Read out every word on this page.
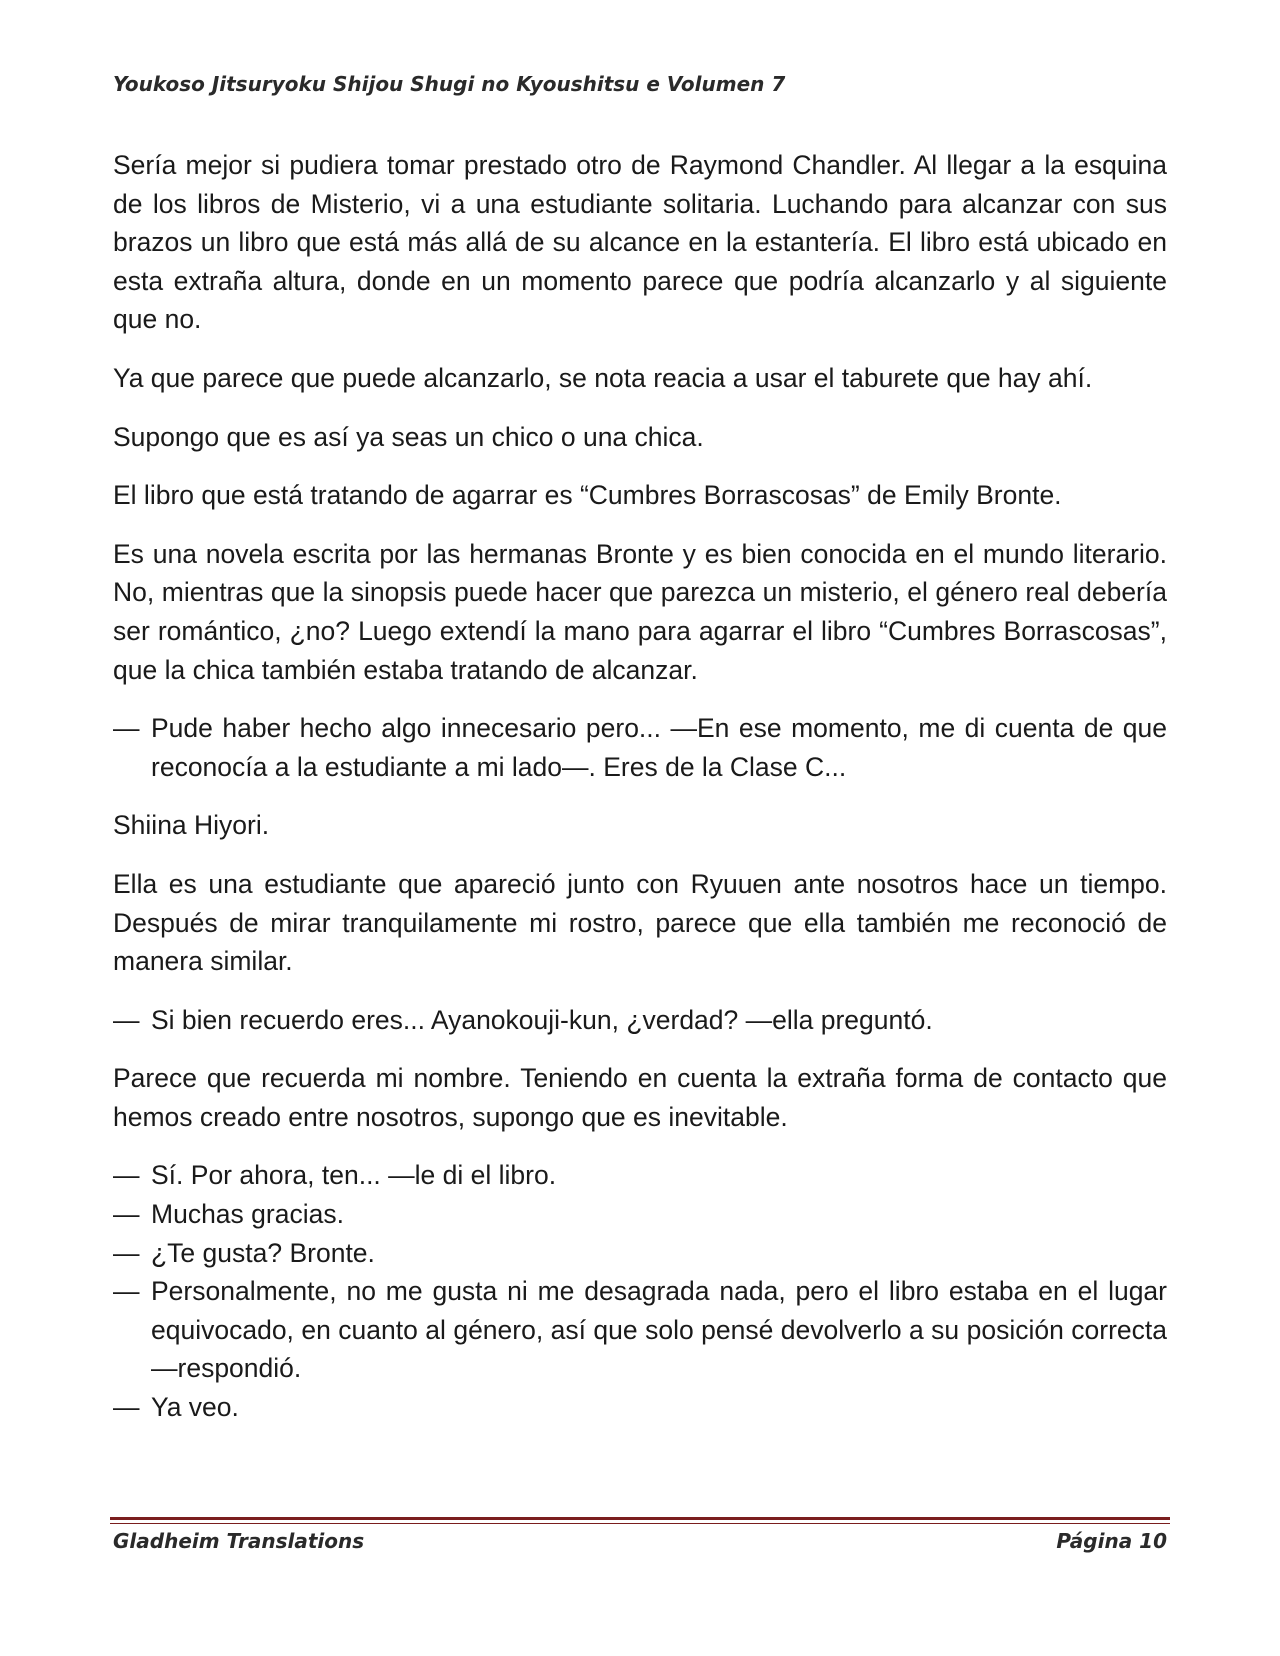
Youkoso Jitsuryoku Shijou Shugi no Kyoushitsu e Volumen 7

Sería mejor si pudiera tomar prestado otro de Raymond Chandler. Al llegar a la esquina de los libros de Misterio, vi a una estudiante solitaria. Luchando para alcanzar con sus brazos un libro que está más allá de su alcance en la estantería. El libro está ubicado en esta extraña altura, donde en un momento parece que podría alcanzarlo y al siguiente que no.

Ya que parece que puede alcanzarlo, se nota reacia a usar el taburete que hay ahí.

Supongo que es así ya seas un chico o una chica.

El libro que está tratando de agarrar es “Cumbres Borrascosas” de Emily Bronte.

Es una novela escrita por las hermanas Bronte y es bien conocida en el mundo literario. No, mientras que la sinopsis puede hacer que parezca un misterio, el género real debería ser romántico, ¿no? Luego extendí la mano para agarrar el libro “Cumbres Borrascosas”, que la chica también estaba tratando de alcanzar.

— Pude haber hecho algo innecesario pero... —En ese momento, me di cuenta de que reconocía a la estudiante a mi lado—. Eres de la Clase C...

Shiina Hiyori.

Ella es una estudiante que apareció junto con Ryuuen ante nosotros hace un tiempo. Después de mirar tranquilamente mi rostro, parece que ella también me reconoció de manera similar.

— Si bien recuerdo eres... Ayanokouji-kun, ¿verdad? —ella preguntó.

Parece que recuerda mi nombre. Teniendo en cuenta la extraña forma de contacto que hemos creado entre nosotros, supongo que es inevitable.

— Sí. Por ahora, ten... —le di el libro.
— Muchas gracias.
— ¿Te gusta? Bronte.
— Personalmente, no me gusta ni me desagrada nada, pero el libro estaba en el lugar equivocado, en cuanto al género, así que solo pensé devolverlo a su posición correcta —respondió.
— Ya veo.
Gladheim Translations	Página 10
